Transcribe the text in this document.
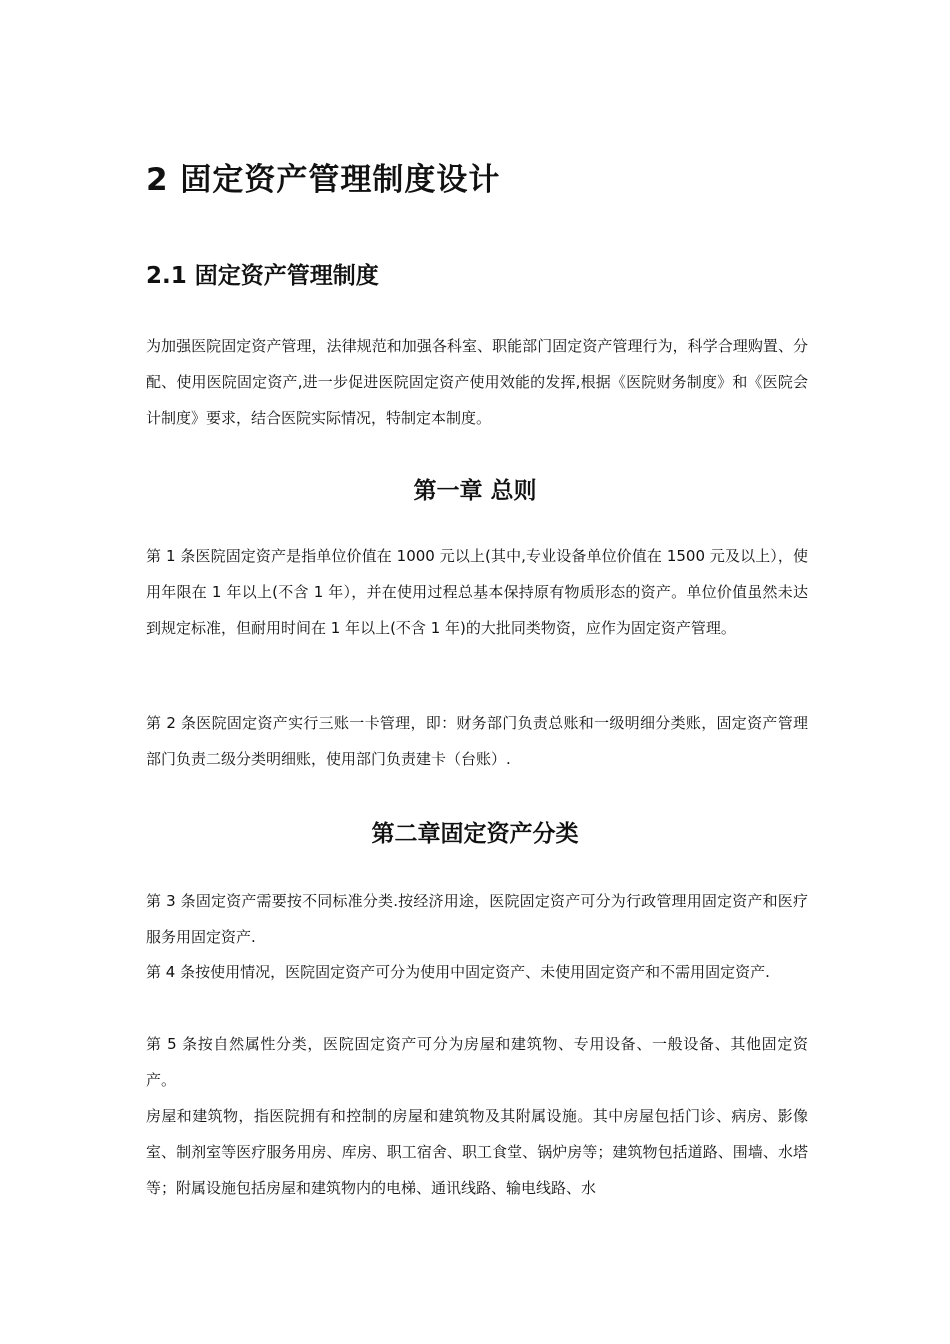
2 固定资产管理制度设计
2.1 固定资产管理制度
为加强医院固定资产管理，法律规范和加强各科室、职能部门固定资产管理行为，科学合理购置、分配、使用医院固定资产,进一步促进医院固定资产使用效能的发挥,根据《医院财务制度》和《医院会计制度》要求，结合医院实际情况，特制定本制度。
第一章 总则
第 1 条医院固定资产是指单位价值在 1000 元以上(其中,专业设备单位价值在 1500 元及以上），使用年限在 1 年以上(不含 1 年），并在使用过程总基本保持原有物质形态的资产。单位价值虽然未达到规定标准，但耐用时间在 1 年以上(不含 1 年)的大批同类物资，应作为固定资产管理。
第 2 条医院固定资产实行三账一卡管理，即：财务部门负责总账和一级明细分类账，固定资产管理部门负责二级分类明细账，使用部门负责建卡（台账）.
第二章固定资产分类
第 3 条固定资产需要按不同标准分类.按经济用途，医院固定资产可分为行政管理用固定资产和医疗服务用固定资产.
第 4 条按使用情况，医院固定资产可分为使用中固定资产、未使用固定资产和不需用固定资产.
第 5 条按自然属性分类，医院固定资产可分为房屋和建筑物、专用设备、一般设备、其他固定资产。
房屋和建筑物，指医院拥有和控制的房屋和建筑物及其附属设施。其中房屋包括门诊、病房、影像室、制剂室等医疗服务用房、库房、职工宿舍、职工食堂、锅炉房等；建筑物包括道路、围墙、水塔等；附属设施包括房屋和建筑物内的电梯、通讯线路、输电线路、水
